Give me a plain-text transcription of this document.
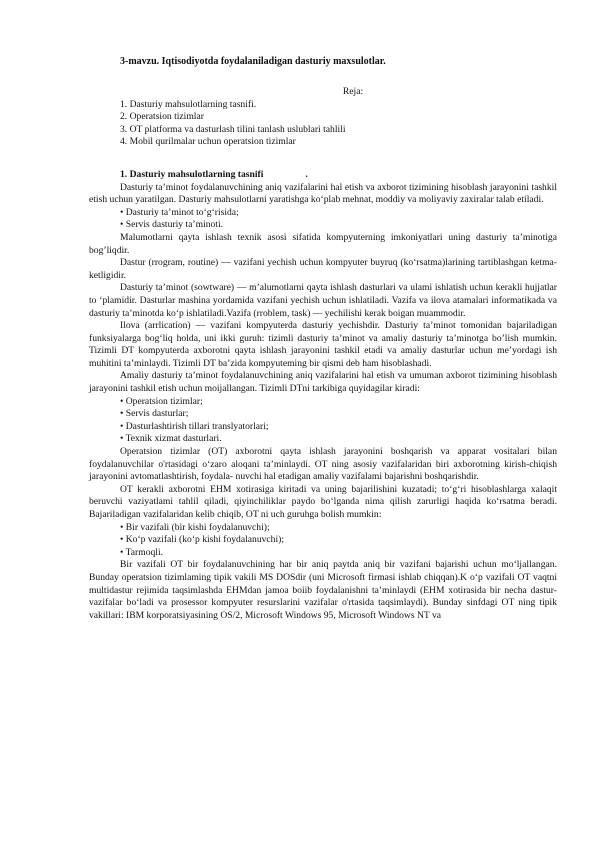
3-mavzu. Iqtisodiyotda foydalaniladigan dasturiy maxsulotlar.
Reja:
1. Dasturiy mahsulotlarning tasnifi.
2. Operatsion tizimlar
3. OT platforma va dasturlash tilini tanlash uslublari tahlili
4. Mobil qurilmalar uchun operatsion tizimlar
1. Dasturiy mahsulotlarning tasnifi	.

Dasturiy ta’minot foydalanuvchining aniq vazifalarini hal etish va axborot tizimining hisoblash jarayonini tashkil etish uchun yaratilgan. Dasturiy mahsulotlarni yaratishga ko‘plab mehnat, moddiy va moliyaviy zaxiralar talab etiladi.

• Dasturiy ta’minot to‘g‘risida;
• Servis dasturiy ta’minoti.

Malumotlarni qayta ishlash texnik asosi sifatida kompyuterning imkoniyatlari uning dasturiy ta’minotiga bog’liqdir.

Dastur (rrogram, routine) — vazifani yechish uchun kompyuter buyruq (ko‘rsatma)larining tartiblashgan ketma-ketligidir.

Dasturiy ta’minot (sowtware) — m’alumotlarni qayta ishlash dasturlari va ulami ishlatish uchun kerakli hujjatlar to ‘plamidir. Dasturlar mashina yordamida vazifani yechish uchun ishlatiladi. Vazifa va ilova atamalari informatikada va dasturiy ta’minotda ko‘p ishlatiladi.Vazifa (rroblem, task) — yechilishi kerak boigan muammodir.

Ilova (arrlication) — vazifani kompyuterda dasturiy yechishdir. Dasturiy ta’minot tomonidan bajariladigan funksiyalarga bog‘liq holda, uni ikki guruh: tizimli dasturiy ta’minot va amaliy dasturiy ta’minotga bo’lish mumkin. Tizimli DT kompyuterda axborotni qayta ishlash jarayonini tashkil etadi va amaliy dasturlar uchun me’yordagi ish muhitini ta’minlaydi. Tizimli DT ba’zida kompyuteming bir qismi deb ham hisoblashadi.

Amaliy dasturiy ta’minot foydalanuvchining aniq vazifalarini hal etish va umuman axborot tizimining hisoblash jarayonini tashkil etish uchun moijallangan. Tizimli DTni tarkibiga quyidagilar kiradi:

• Operatsion tizimlar;
• Servis dasturlar;
• Dasturlashtirish tillari translyatorlari;
• Texnik xizmat dasturlari.

Operatsion tizimlar (OT) axborotni qayta ishlash jarayonini boshqarish va apparat vositalari bilan foydalanuvchilar o'rtasidagi o‘zaro aloqani ta’minlaydi. OT ning asosiy vazifalaridan biri axborotning kirish-chiqish jarayonini avtomatlashtirish, foydala- nuvchi hal etadigan amaliy vazifalami bajarishni boshqarishdir.

OT kerakli axborotni EHM xotirasiga kiritadi va uning bajarilishini kuzatadi; to‘g‘ri hisoblashlarga xalaqit beruvchi vaziyatlami tahlil qiladi, qiyinchiliklar paydo bo‘lganda nima qilish zarurligi haqida ko‘rsatma beradi. Bajariladigan vazifalaridan kelib chiqib, OT ni uch guruhga bolish mumkin:

• Bir vazifali (bir kishi foydalanuvchi);
• Ko‘p vazifali (ko‘p kishi foydalanuvchi);
• Tarmoqli.

Bir vazifali OT bir foydalanuvchining har bir aniq paytda aniq bir vazifani bajarishi uchun mo‘ljallangan. Bunday operatsion tizimlaming tipik vakili MS DOSdir (uni Microsoft firmasi ishlab chiqqan).K o‘p vazifali OT vaqtni multidastur rejimida taqsimlashda EHMdan jamoa boiib foydalanishni ta’minlaydi (EHM xotirasida bir necha dastur-vazifalar bo‘ladi va prosessor kompyuter resurslarini vazifalar o'rtasida taqsimlaydi). Bunday sinfdagi OT ning tipik vakillari: IBM korporatsiyasining OS/2, Microsoft Windows 95, Microsoft Windows NT va
